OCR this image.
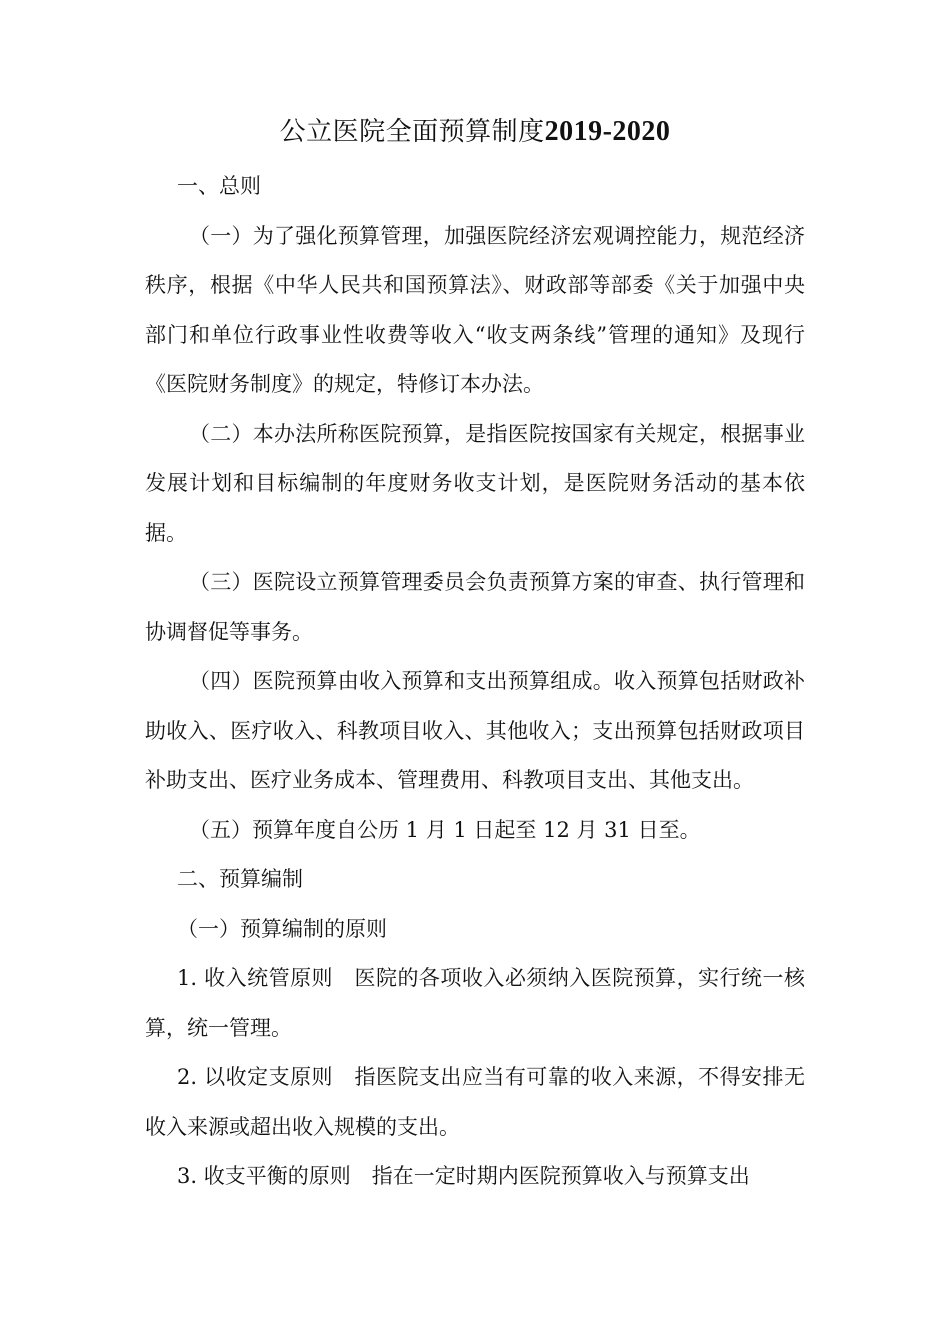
公立医院全面预算制度2019-2020

一、总则

（一）为了强化预算管理，加强医院经济宏观调控能力，规范经济秩序，根据《中华人民共和国预算法》、财政部等部委《关于加强中央部门和单位行政事业性收费等收入“收支两条线”管理的通知》及现行《医院财务制度》的规定，特修订本办法。

（二）本办法所称医院预算，是指医院按国家有关规定，根据事业发展计划和目标编制的年度财务收支计划，是医院财务活动的基本依据。

（三）医院设立预算管理委员会负责预算方案的审查、执行管理和协调督促等事务。

（四）医院预算由收入预算和支出预算组成。收入预算包括财政补助收入、医疗收入、科教项目收入、其他收入；支出预算包括财政项目补助支出、医疗业务成本、管理费用、科教项目支出、其他支出。

（五）预算年度自公历 1 月 1 日起至 12 月 31 日至。

二、预算编制

（一）预算编制的原则

1. 收入统管原则　医院的各项收入必须纳入医院预算，实行统一核算，统一管理。

2. 以收定支原则　指医院支出应当有可靠的收入来源，不得安排无收入来源或超出收入规模的支出。

3. 收支平衡的原则　指在一定时期内医院预算收入与预算支出
